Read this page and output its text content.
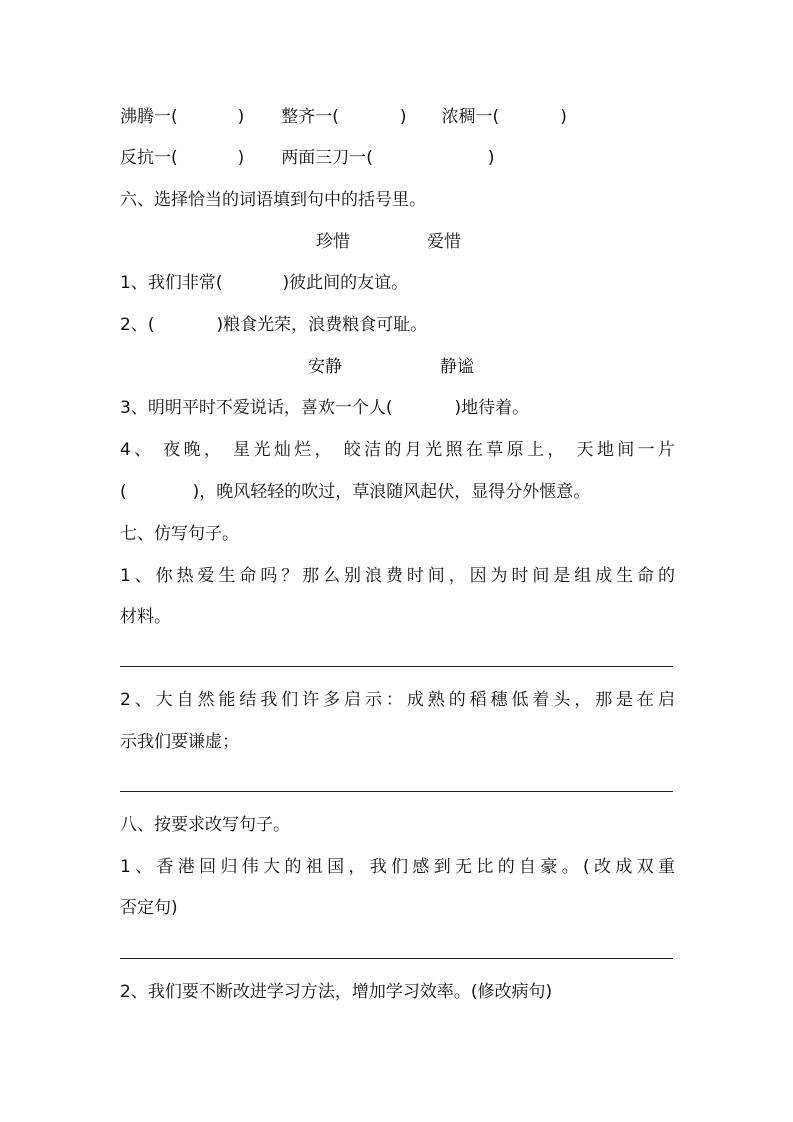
沸腾一(	) 整齐一(	) 浓稠一(	)
反抗一(	) 两面三刀一(	)
六、选择恰当的词语填到句中的括号里。
珍惜	爱惜
1、我们非常(	)彼此间的友谊。
2、(	)粮食光荣，浪费粮食可耻。
安静	静谧
3、明明平时不爱说话，喜欢一个人(	)地待着。
4、 夜晚， 星光灿烂， 皎洁的月光照在草原上， 天地间一片
(	)，晚风轻轻的吹过，草浪随风起伏，显得分外惬意。
七、仿写句子。
1、你热爱生命吗？那么别浪费时间，因为时间是组成生命的
材料。
2、大自然能结我们许多启示：成熟的稻穗低着头，那是在启
示我们要谦虚；
八、按要求改写句子。
1、香港回归伟大的祖国，我们感到无比的自豪。(改成双重
否定句)
2、我们要不断改进学习方法，增加学习效率。(修改病句)
